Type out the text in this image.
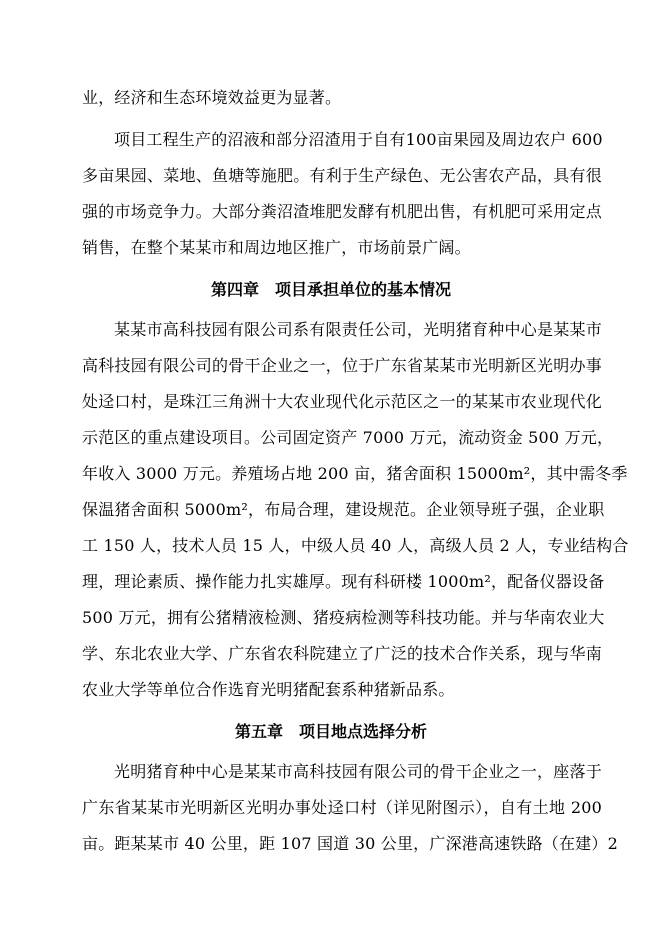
业，经济和生态环境效益更为显著。
项目工程生产的沼液和部分沼渣用于自有100亩果园及周边农户 600
多亩果园、菜地、鱼塘等施肥。有利于生产绿色、无公害农产品，具有很
强的市场竞争力。大部分粪沼渣堆肥发酵有机肥出售，有机肥可采用定点
销售，在整个某某市和周边地区推广，市场前景广阔。
第四章　项目承担单位的基本情况
某某市高科技园有限公司系有限责任公司，光明猪育种中心是某某市
高科技园有限公司的骨干企业之一，位于广东省某某市光明新区光明办事
处迳口村，是珠江三角洲十大农业现代化示范区之一的某某市农业现代化
示范区的重点建设项目。公司固定资产 7000 万元，流动资金 500 万元，
年收入 3000 万元。养殖场占地 200 亩，猪舍面积 15000m²，其中需冬季
保温猪舍面积 5000m²，布局合理，建设规范。企业领导班子强，企业职
工 150 人，技术人员 15 人，中级人员 40 人，高级人员 2 人，专业结构合
理，理论素质、操作能力扎实雄厚。现有科研楼 1000m²，配备仪器设备
500 万元，拥有公猪精液检测、猪疫病检测等科技功能。并与华南农业大
学、东北农业大学、广东省农科院建立了广泛的技术合作关系，现与华南
农业大学等单位合作选育光明猪配套系种猪新品系。
第五章　项目地点选择分析
光明猪育种中心是某某市高科技园有限公司的骨干企业之一，座落于
广东省某某市光明新区光明办事处迳口村（详见附图示），自有土地 200
亩。距某某市 40 公里，距 107 国道 30 公里，广深港高速铁路（在建）2
